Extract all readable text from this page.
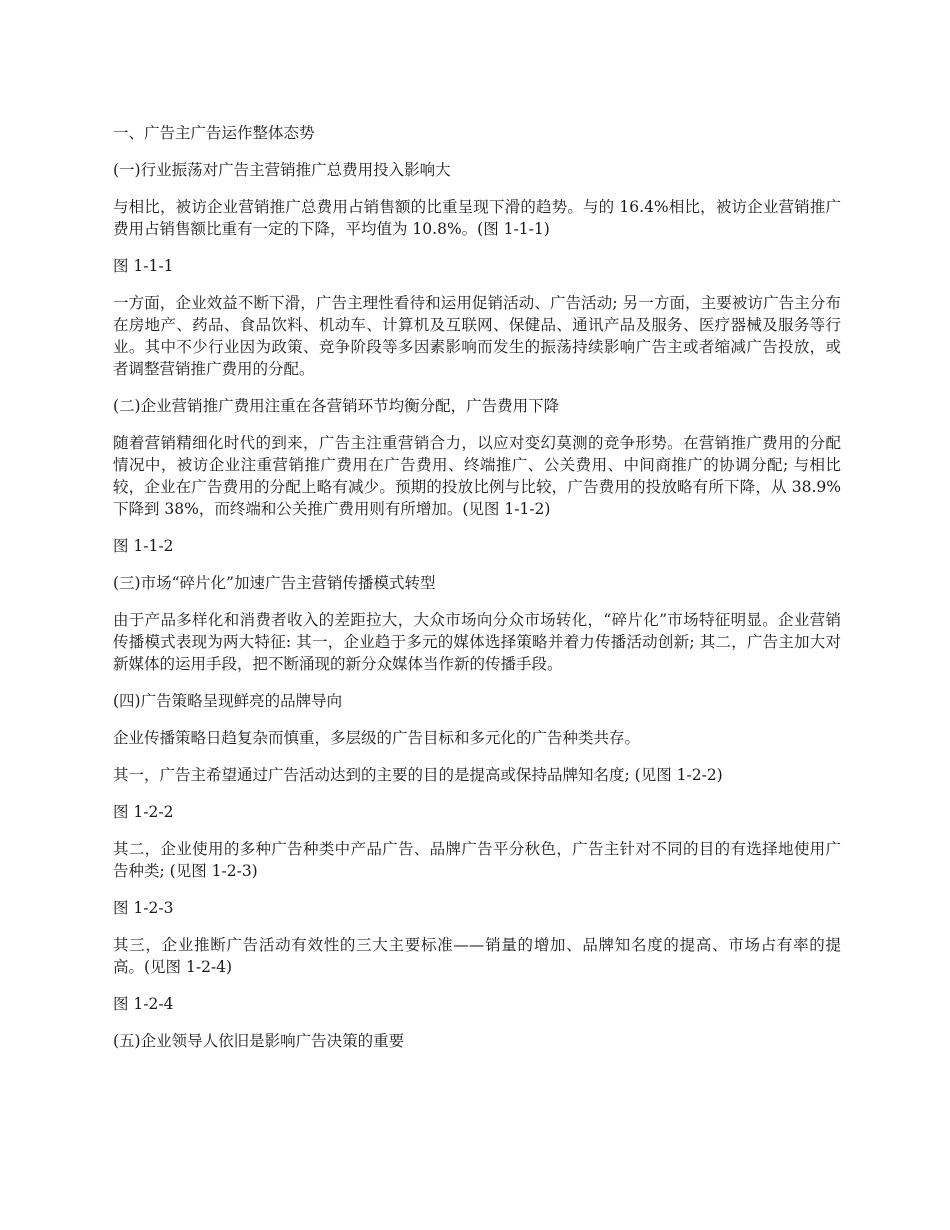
一、广告主广告运作整体态势

(一)行业振荡对广告主营销推广总费用投入影响大

与相比，被访企业营销推广总费用占销售额的比重呈现下滑的趋势。与的 16.4%相比，被访企业营销推广费用占销售额比重有一定的下降，平均值为 10.8%。(图 1-1-1)

图 1-1-1

一方面，企业效益不断下滑，广告主理性看待和运用促销活动、广告活动; 另一方面，主要被访广告主分布在房地产、药品、食品饮料、机动车、计算机及互联网、保健品、通讯产品及服务、医疗器械及服务等行业。其中不少行业因为政策、竞争阶段等多因素影响而发生的振荡持续影响广告主或者缩减广告投放，或者调整营销推广费用的分配。

(二)企业营销推广费用注重在各营销环节均衡分配，广告费用下降

随着营销精细化时代的到来，广告主注重营销合力，以应对变幻莫测的竞争形势。在营销推广费用的分配情况中，被访企业注重营销推广费用在广告费用、终端推广、公关费用、中间商推广的协调分配; 与相比较，企业在广告费用的分配上略有减少。预期的投放比例与比较，广告费用的投放略有所下降，从 38.9%下降到 38%，而终端和公关推广费用则有所增加。(见图 1-1-2)

图 1-1-2

(三)市场“碎片化”加速广告主营销传播模式转型

由于产品多样化和消费者收入的差距拉大，大众市场向分众市场转化，“碎片化”市场特征明显。企业营销传播模式表现为两大特征: 其一，企业趋于多元的媒体选择策略并着力传播活动创新; 其二，广告主加大对新媒体的运用手段，把不断涌现的新分众媒体当作新的传播手段。

(四)广告策略呈现鲜亮的品牌导向

企业传播策略日趋复杂而慎重，多层级的广告目标和多元化的广告种类共存。

其一，广告主希望通过广告活动达到的主要的目的是提高或保持品牌知名度; (见图 1-2-2)

图 1-2-2

其二，企业使用的多种广告种类中产品广告、品牌广告平分秋色，广告主针对不同的目的有选择地使用广告种类; (见图 1-2-3)

图 1-2-3

其三，企业推断广告活动有效性的三大主要标准——销量的增加、品牌知名度的提高、市场占有率的提高。(见图 1-2-4)

图 1-2-4

(五)企业领导人依旧是影响广告决策的重要
